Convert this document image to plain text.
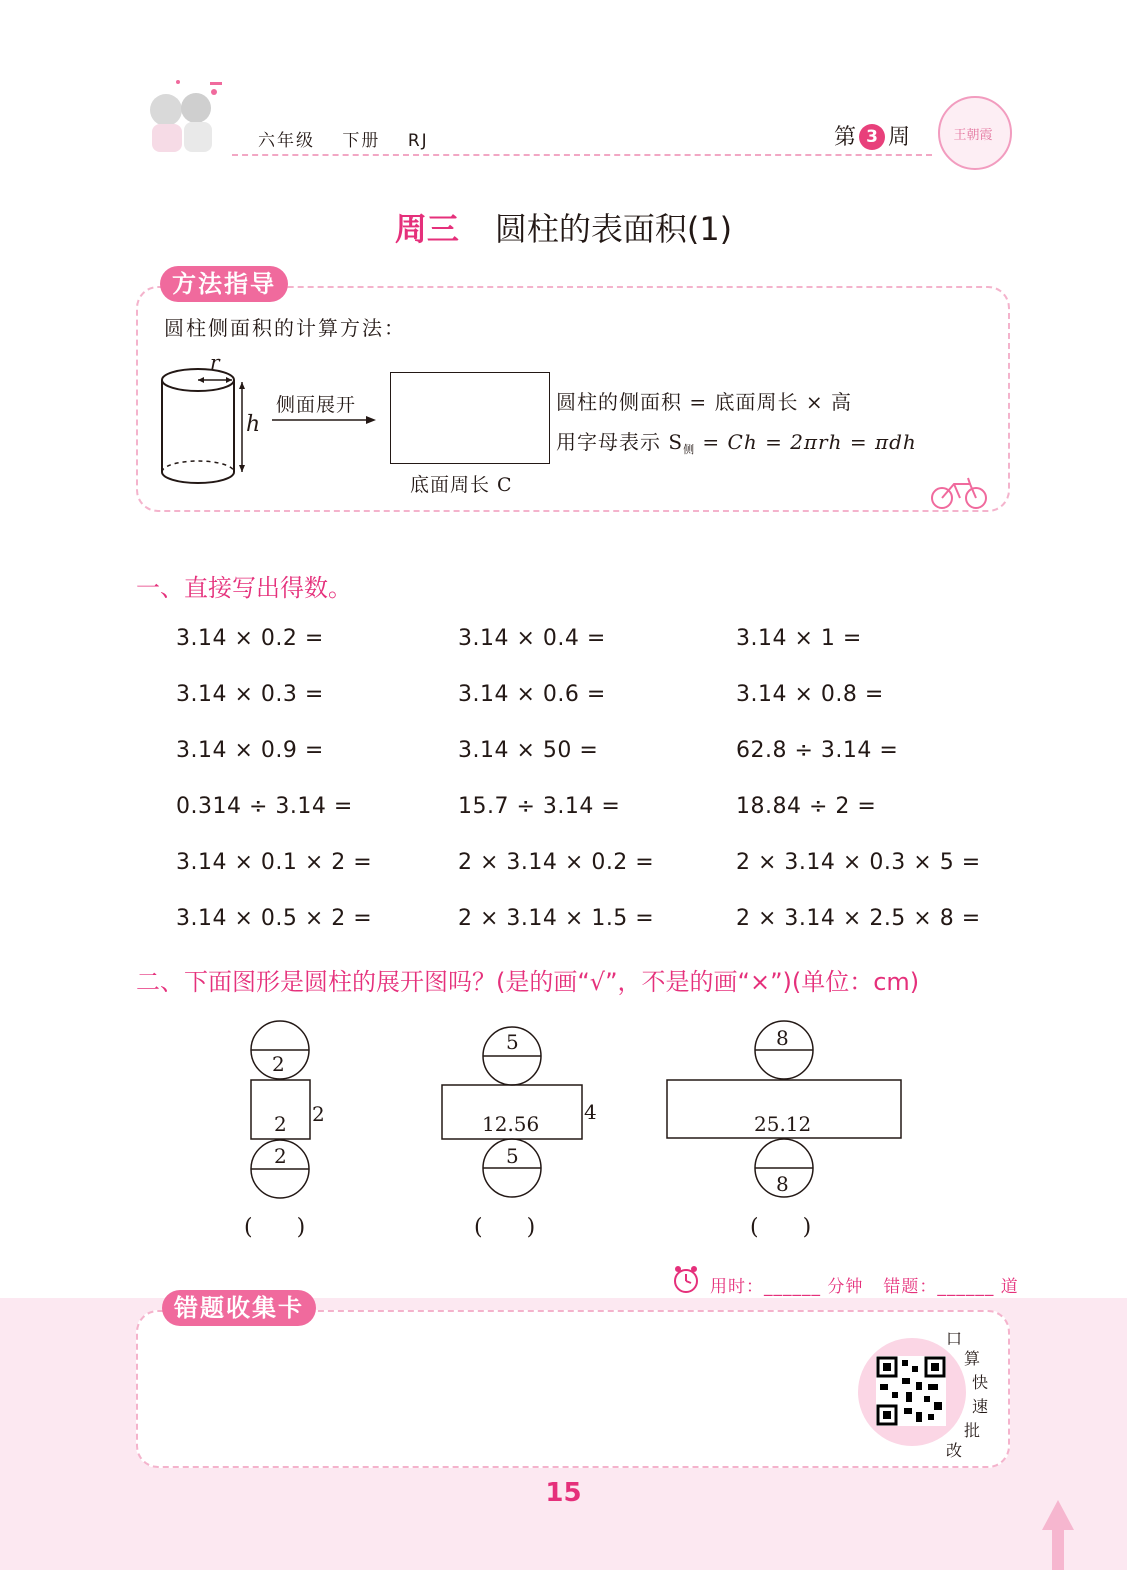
六年级 下册 RJ	第 3 周	王朝霞
周三 圆柱的表面积(1)
方法指导
圆柱侧面积的计算方法：
r
h
侧面展开
底面周长 C
圆柱的侧面积 = 底面周长 × 高
用字母表示 $S_侧 = Ch = 2\pi rh = \pi dh$
一、直接写出得数。
3.14 × 0.2 =	3.14 × 0.4 =	3.14 × 1 =
3.14 × 0.3 =	3.14 × 0.6 =	3.14 × 0.8 =
3.14 × 0.9 =	3.14 × 50 =	62.8 ÷ 3.14 =
0.314 ÷ 3.14 =	15.7 ÷ 3.14 =	18.84 ÷ 2 =
3.14 × 0.1 × 2 =	2 × 3.14 × 0.2 =	2 × 3.14 × 0.3 × 5 =
3.14 × 0.5 × 2 =	2 × 3.14 × 1.5 =	2 × 3.14 × 2.5 × 8 =
二、下面图形是圆柱的展开图吗？(是的画“√”，不是的画“×”)(单位：cm)
2
2 2
2
(　　)
5
12.56 4
5
(　　)
8
25.12
8
(　　)
用时：______ 分钟 错题：______ 道
错题收集卡
口
算
快
速
批
改
15
